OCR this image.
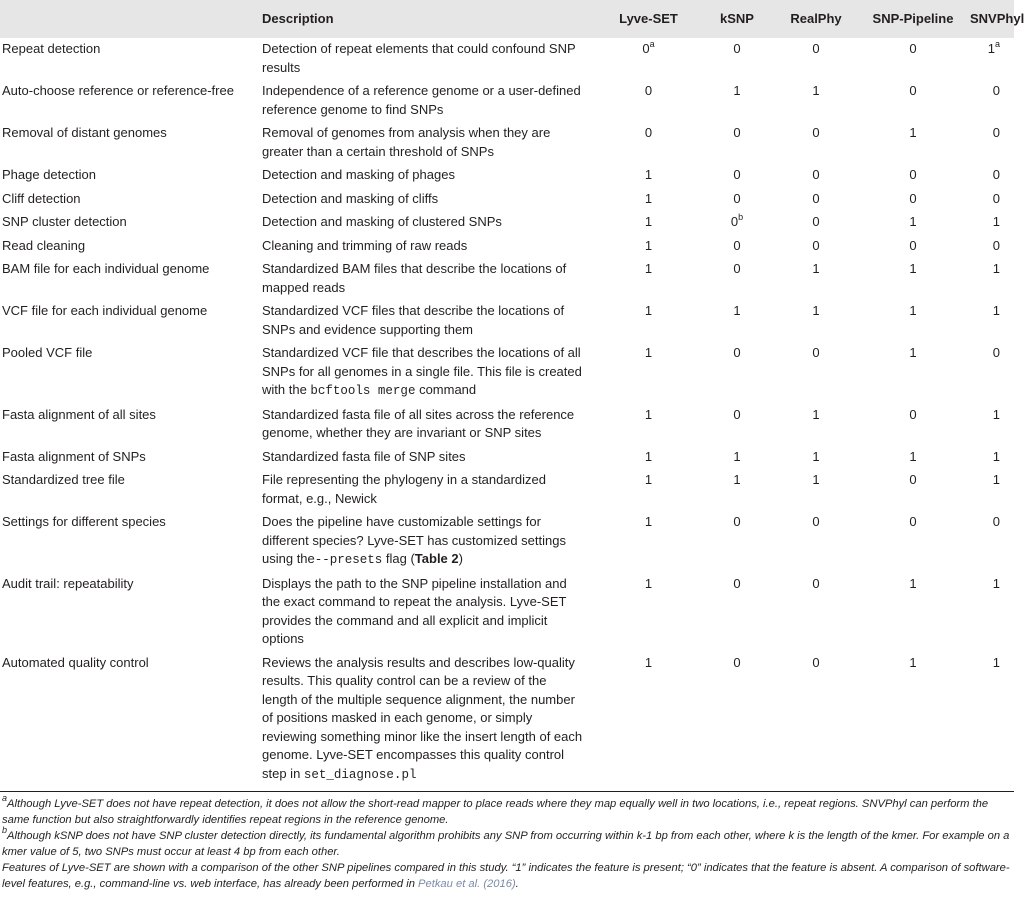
	Description	Lyve-SET	kSNP	RealPhy	SNP-Pipeline	SNVPhyl
Repeat detection	Detection of repeat elements that could confound SNP results	0$^a$	0	0	0	1$^a$
Auto-choose reference or reference-free	Independence of a reference genome or a user-defined reference genome to find SNPs	0	1	1	0	0
Removal of distant genomes	Removal of genomes from analysis when they are greater than a certain threshold of SNPs	0	0	0	1	0
Phage detection	Detection and masking of phages	1	0	0	0	0
Cliff detection	Detection and masking of cliffs	1	0	0	0	0
SNP cluster detection	Detection and masking of clustered SNPs	1	0$^b$	0	1	1
Read cleaning	Cleaning and trimming of raw reads	1	0	0	0	0
BAM file for each individual genome	Standardized BAM files that describe the locations of mapped reads	1	0	1	1	1
VCF file for each individual genome	Standardized VCF files that describe the locations of SNPs and evidence supporting them	1	1	1	1	1
Pooled VCF file	Standardized VCF file that describes the locations of all SNPs for all genomes in a single file. This file is created with the bcftools merge command	1	0	0	1	0
Fasta alignment of all sites	Standardized fasta file of all sites across the reference genome, whether they are invariant or SNP sites	1	0	1	0	1
Fasta alignment of SNPs	Standardized fasta file of SNP sites	1	1	1	1	1
Standardized tree file	File representing the phylogeny in a standardized format, e.g., Newick	1	1	1	0	1
Settings for different species	Does the pipeline have customizable settings for different species? Lyve-SET has customized settings using the--presets flag (Table 2)	1	0	0	0	0
Audit trail: repeatability	Displays the path to the SNP pipeline installation and the exact command to repeat the analysis. Lyve-SET provides the command and all explicit and implicit options	1	0	0	1	1
Automated quality control	Reviews the analysis results and describes low-quality results. This quality control can be a review of the length of the multiple sequence alignment, the number of positions masked in each genome, or simply reviewing something minor like the insert length of each genome. Lyve-SET encompasses this quality control step in set_diagnose.pl	1	0	0	1	1

$^a$Although Lyve-SET does not have repeat detection, it does not allow the short-read mapper to place reads where they map equally well in two locations, i.e., repeat regions. SNVPhyl can perform the same function but also straightforwardly identifies repeat regions in the reference genome.

$^b$Although kSNP does not have SNP cluster detection directly, its fundamental algorithm prohibits any SNP from occurring within k-1 bp from each other, where k is the length of the kmer. For example on a kmer value of 5, two SNPs must occur at least 4 bp from each other.

Features of Lyve-SET are shown with a comparison of the other SNP pipelines compared in this study. “1” indicates the feature is present; “0” indicates that the feature is absent. A comparison of software-level features, e.g., command-line vs. web interface, has already been performed in Petkau et al. (2016).
